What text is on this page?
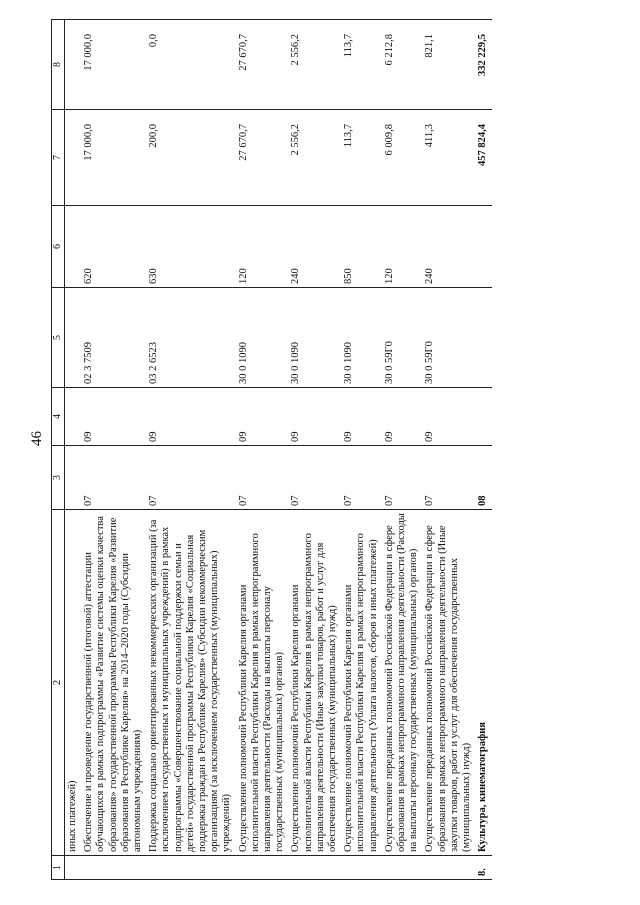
46
1	2	3	4	5	6	7	8
	иных платежей)						
	Обеспечение и проведение государственной (итоговой) аттестации обучающихся в рамках подпрограммы «Развитие системы оценки качества образования» государственной программы Республики Карелия «Развитие образования в Республике Карелия» на 2014–2020 годы (Субсидии автономным учреждениям)	07	09	02 3 7509	620	17 000,0	17 000,0
	Поддержка социально ориентированных некоммерческих организаций (за исключением государственных и муниципальных учреждений) в рамках подпрограммы «Совершенствование социальной поддержки семьи и детей» государственной программы Республики Карелия «Социальная поддержка граждан в Республике Карелия» (Субсидии некоммерческим организациям (за исключением государственных (муниципальных) учреждений)	07	09	03 2 6523	630	200,0	0,0
	Осуществление полномочий Республики Карелия органами исполнительной власти Республики Карелия в рамках непрограммного направления деятельности (Расходы на выплаты персоналу государственных (муниципальных) органов)	07	09	30 0 1090	120	27 670,7	27 670,7
	Осуществление полномочий Республики Карелия органами исполнительной власти Республики Карелия в рамках непрограммного направления деятельности (Иные закупки товаров, работ и услуг для обеспечения государственных (муниципальных) нужд)	07	09	30 0 1090	240	2 556,2	2 556,2
	Осуществление полномочий Республики Карелия органами исполнительной власти Республики Карелия в рамках непрограммного направления деятельности (Уплата налогов, сборов и иных платежей)	07	09	30 0 1090	850	113,7	113,7
	Осуществление переданных полномочий Российской Федерации в сфере образования в рамках непрограммного направления деятельности (Расходы на выплаты персоналу государственных (муниципальных) органов)	07	09	30 0 59Г0	120	6 009,8	6 212,8
	Осуществление переданных полномочий Российской Федерации в сфере образования в рамках непрограммного направления деятельности (Иные закупки товаров, работ и услуг для обеспечения государственных (муниципальных) нужд)	07	09	30 0 59Г0	240	411,3	821,1
8.	Культура, кинематография	08				457 824,4	332 229,5
